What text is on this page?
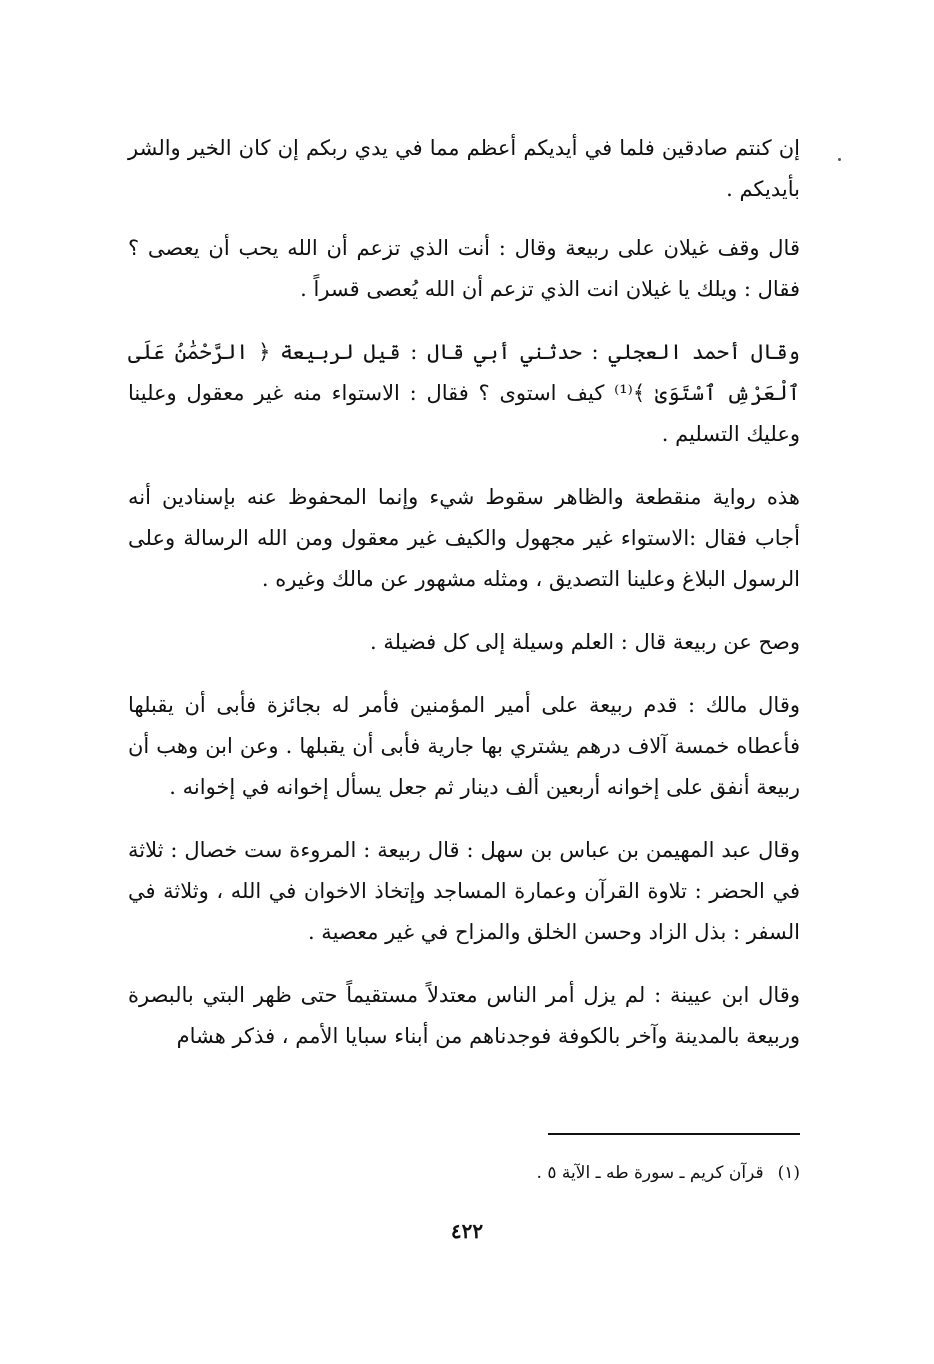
إن كنتم صادقين فلما في أيديكم أعظم مما في يدي ربكم إن كان الخير والشر بأيديكم .

قال وقف غيلان على ربيعة وقال : أنت الذي تزعم أن الله يحب أن يعصى ؟ فقال : ويلك يا غيلان انت الذي تزعم أن الله يُعصى قسراً .

وقال أحمد العجلي : حدثني أبي قال : قيل لربيعة ﴿ الرَّحْمَٰنُ عَلَى ٱلْعَرْشِ ٱسْتَوَىٰ ﴾⁽¹⁾ كيف استوى ؟ فقال : الاستواء منه غير معقول وعلينا وعليك التسليم .

هذه رواية منقطعة والظاهر سقوط شيء وإنما المحفوظ عنه بإسنادين أنه أجاب فقال :الاستواء غير مجهول والكيف غير معقول ومن الله الرسالة وعلى الرسول البلاغ وعلينا التصديق ، ومثله مشهور عن مالك وغيره .

وصح عن ربيعة قال : العلم وسيلة إلى كل فضيلة .

وقال مالك : قدم ربيعة على أمير المؤمنين فأمر له بجائزة فأبى أن يقبلها فأعطاه خمسة آلاف درهم يشتري بها جارية فأبى أن يقبلها . وعن ابن وهب أن ربيعة أنفق على إخوانه أربعين ألف دينار ثم جعل يسأل إخوانه في إخوانه .

وقال عبد المهيمن بن عباس بن سهل : قال ربيعة : المروءة ست خصال : ثلاثة في الحضر : تلاوة القرآن وعمارة المساجد وإتخاذ الاخوان في الله ، وثلاثة في السفر : بذل الزاد وحسن الخلق والمزاح في غير معصية .

وقال ابن عيينة : لم يزل أمر الناس معتدلاً مستقيماً حتى ظهر البتي بالبصرة وربيعة بالمدينة وآخر بالكوفة فوجدناهم من أبناء سبايا الأمم ، فذكر هشام

(١)قرآن كريم ـ سورة طه ـ الآية ٥ .
٤٢٢
